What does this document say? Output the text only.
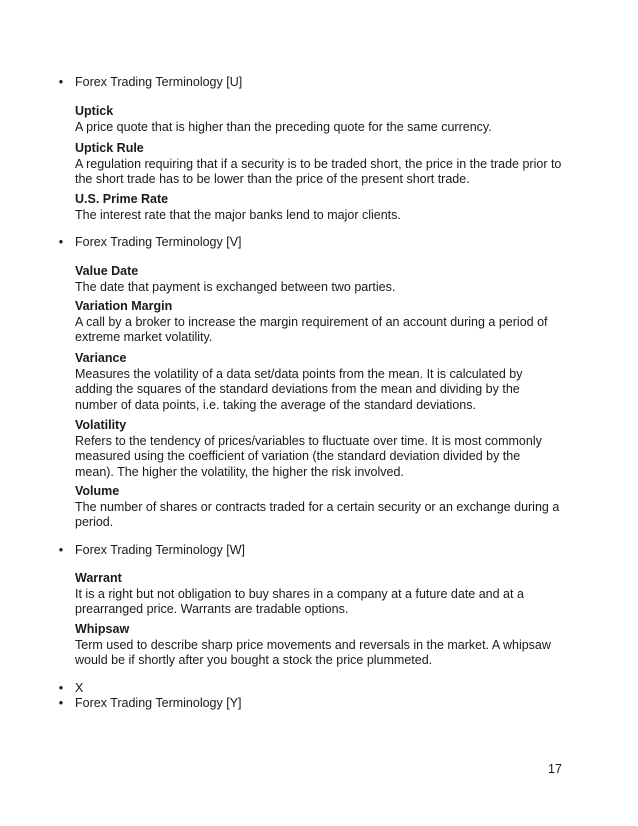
• Forex Trading Terminology [U]
Uptick
A price quote that is higher than the preceding quote for the same currency.
Uptick Rule
A regulation requiring that if a security is to be traded short, the price in the trade prior to
the short trade has to be lower than the price of the present short trade.
U.S. Prime Rate
The interest rate that the major banks lend to major clients.
• Forex Trading Terminology [V]
Value Date
The date that payment is exchanged between two parties.
Variation Margin
A call by a broker to increase the margin requirement of an account during a period of
extreme market volatility.
Variance
Measures the volatility of a data set/data points from the mean. It is calculated by
adding the squares of the standard deviations from the mean and dividing by the
number of data points, i.e. taking the average of the standard deviations.
Volatility
Refers to the tendency of prices/variables to fluctuate over time. It is most commonly
measured using the coefficient of variation (the standard deviation divided by the
mean). The higher the volatility, the higher the risk involved.
Volume
The number of shares or contracts traded for a certain security or an exchange during a
period.
• Forex Trading Terminology [W]
Warrant
It is a right but not obligation to buy shares in a company at a future date and at a
prearranged price. Warrants are tradable options.
Whipsaw
Term used to describe sharp price movements and reversals in the market. A whipsaw
would be if shortly after you bought a stock the price plummeted.
• X
• Forex Trading Terminology [Y]
17
